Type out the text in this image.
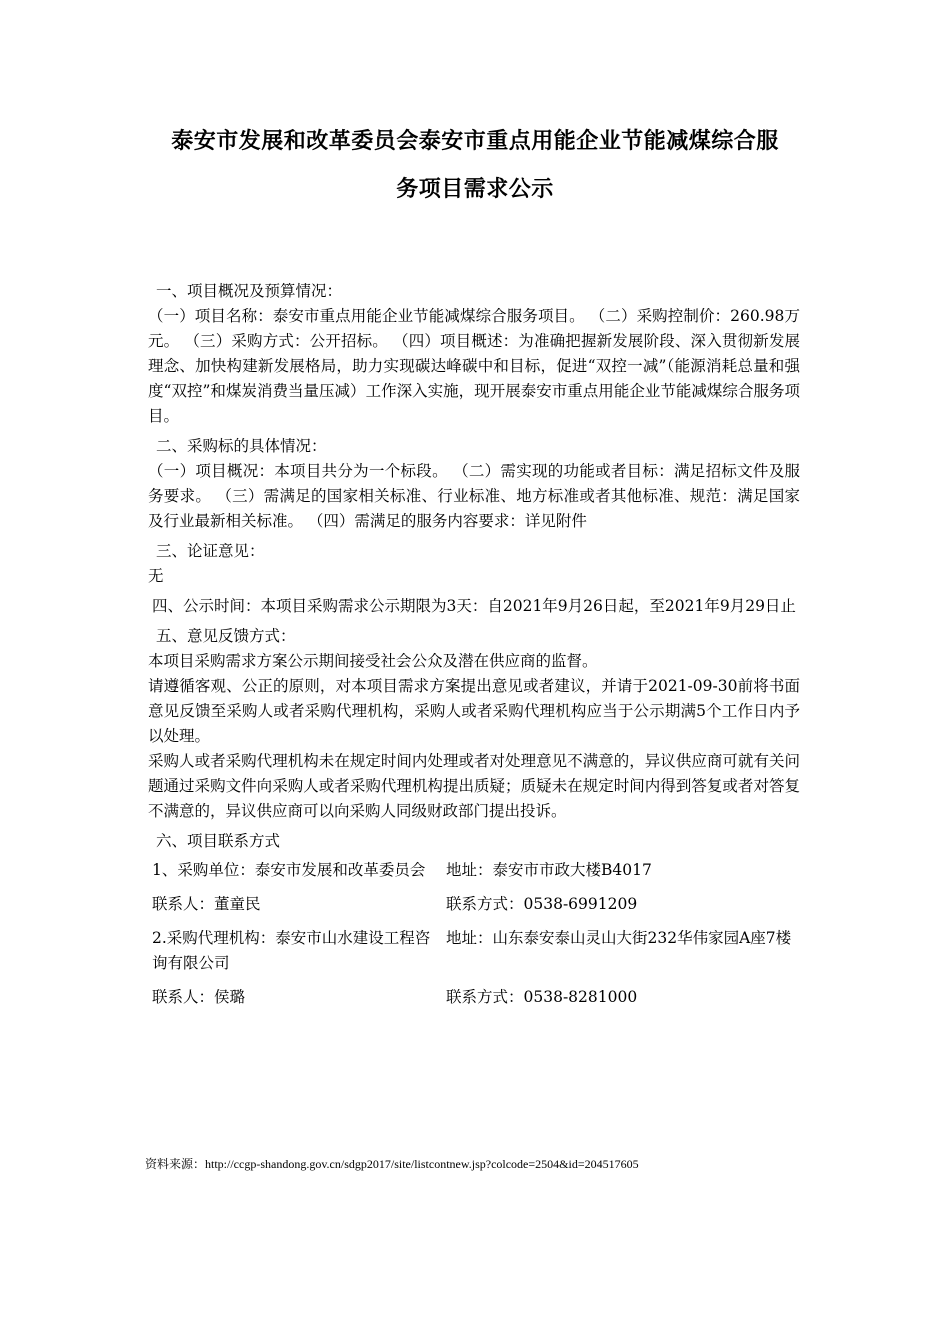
泰安市发展和改革委员会泰安市重点用能企业节能减煤综合服
务项目需求公示

一、项目概况及预算情况：

（一）项目名称：泰安市重点用能企业节能减煤综合服务项目。 （二）采购控制价：260.98万元。 （三）采购方式：公开招标。 （四）项目概述：为准确把握新发展阶段、深入贯彻新发展理念、加快构建新发展格局，助力实现碳达峰碳中和目标，促进“双控一减”（能源消耗总量和强度“双控”和煤炭消费当量压减）工作深入实施，现开展泰安市重点用能企业节能减煤综合服务项目。

二、采购标的具体情况：

（一）项目概况：本项目共分为一个标段。 （二）需实现的功能或者目标：满足招标文件及服务要求。 （三）需满足的国家相关标准、行业标准、地方标准或者其他标准、规范：满足国家及行业最新相关标准。 （四）需满足的服务内容要求：详见附件

三、论证意见：

无

四、公示时间：本项目采购需求公示期限为3天：自2021年9月26日起，至2021年9月29日止

五、意见反馈方式：

本项目采购需求方案公示期间接受社会公众及潜在供应商的监督。

请遵循客观、公正的原则，对本项目需求方案提出意见或者建议，并请于2021-09-30前将书面意见反馈至采购人或者采购代理机构，采购人或者采购代理机构应当于公示期满5个工作日内予以处理。

采购人或者采购代理机构未在规定时间内处理或者对处理意见不满意的，异议供应商可就有关问题通过采购文件向采购人或者采购代理机构提出质疑；质疑未在规定时间内得到答复或者对答复不满意的，异议供应商可以向采购人同级财政部门提出投诉。

六、项目联系方式

1、采购单位：泰安市发展和改革委员会	地址：泰安市市政大楼B4017
联系人：董童民	联系方式：0538-6991209
2.采购代理机构：泰安市山水建设工程咨询有限公司
地址：山东泰安泰山灵山大街232华伟家园A座7楼
联系人：侯璐	联系方式：0538-8281000
资料来源：http://ccgp-shandong.gov.cn/sdgp2017/site/listcontnew.jsp?colcode=2504&id=204517605
